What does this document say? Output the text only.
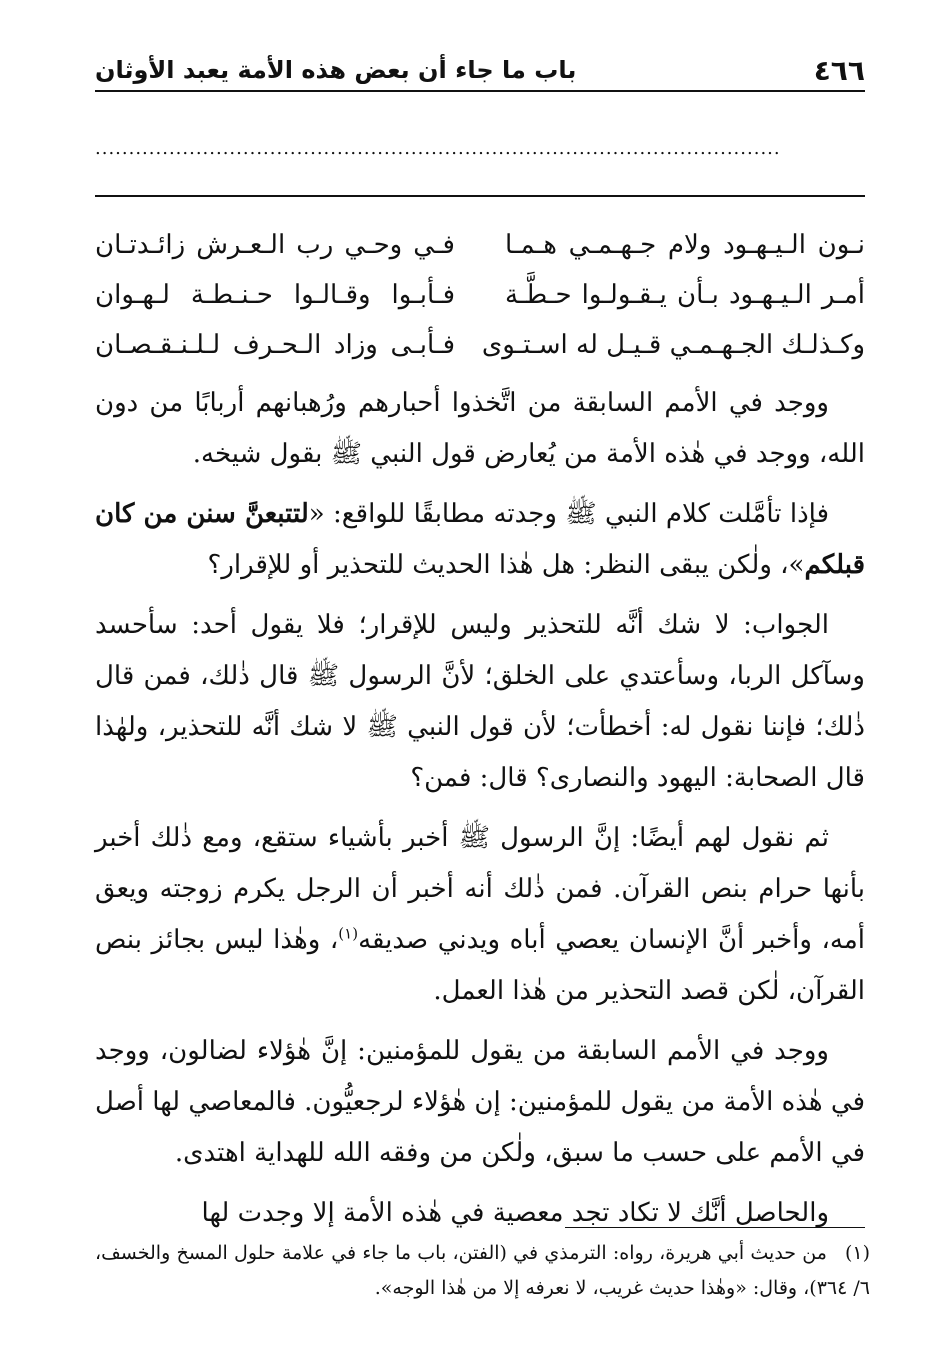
٤٦٦
باب ما جاء أن بعض هذه الأمة يعبد الأوثان
......................................................................................................
نـون الـيـهـود ولام جـهـمـي هـمـا
فـي وحـي رب الـعـرش زائـدتـان
أمـر الـيـهـود بـأن يـقـولـوا حـطَّـة
فـأبـوا وقـالـوا حـنـطـة لـهـوان
وكـذلـك الجـهـمـي قـيـل له اسـتـوى
فـأبـى وزاد الـحـرف لـلـنـقـصـان

ووجد في الأمم السابقة من اتَّخذوا أحبارهم ورُهبانهم أربابًا من دون الله، ووجد في هٰذه الأمة من يُعارض قول النبي ﷺ بقول شيخه.

فإذا تأمَّلت كلام النبي ﷺ وجدته مطابقًا للواقع: «لتتبعنَّ سنن من كان قبلكم»، ولٰكن يبقى النظر: هل هٰذا الحديث للتحذير أو للإقرار؟

الجواب: لا شك أنَّه للتحذير وليس للإقرار؛ فلا يقول أحد: سأحسد وسآكل الربا، وسأعتدي على الخلق؛ لأنَّ الرسول ﷺ قال ذٰلك، فمن قال ذٰلك؛ فإننا نقول له: أخطأت؛ لأن قول النبي ﷺ لا شك أنَّه للتحذير، ولهٰذا قال الصحابة: اليهود والنصارى؟ قال: فمن؟

ثم نقول لهم أيضًا: إنَّ الرسول ﷺ أخبر بأشياء ستقع، ومع ذٰلك أخبر بأنها حرام بنص القرآن. فمن ذٰلك أنه أخبر أن الرجل يكرم زوجته ويعق أمه، وأخبر أنَّ الإنسان يعصي أباه ويدني صديقه$^{(١)}$، وهٰذا ليس بجائز بنص القرآن، لٰكن قصد التحذير من هٰذا العمل.

ووجد في الأمم السابقة من يقول للمؤمنين: إنَّ هٰؤلاء لضالون، ووجد في هٰذه الأمة من يقول للمؤمنين: إن هٰؤلاء لرجعيُّون. فالمعاصي لها أصل في الأمم على حسب ما سبق، ولٰكن من وفقه الله للهداية اهتدى.

والحاصل أنَّك لا تكاد تجد معصية في هٰذه الأمة إلا وجدت لها

(١)من حديث أبي هريرة، رواه: الترمذي في (الفتن، باب ما جاء في علامة حلول المسخ والخسف، ٦/ ٣٦٤)، وقال: «وهٰذا حديث غريب، لا نعرفه إلا من هٰذا الوجه».
